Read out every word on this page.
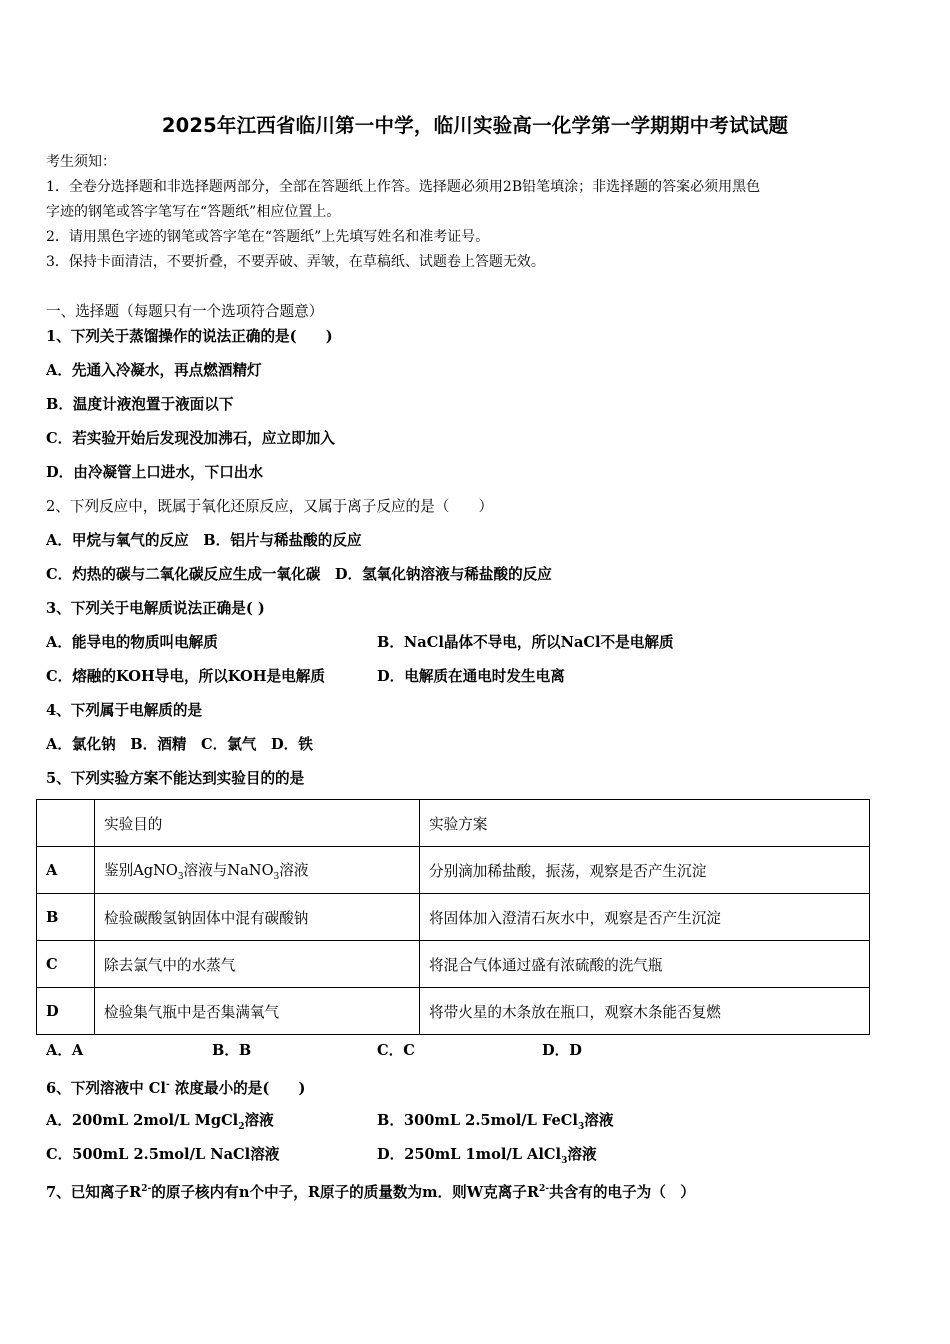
2025年江西省临川第一中学，临川实验高一化学第一学期期中考试试题
考生须知：
1．全卷分选择题和非选择题两部分，全部在答题纸上作答。选择题必须用2B铅笔填涂；非选择题的答案必须用黑色
字迹的钢笔或答字笔写在“答题纸”相应位置上。
2．请用黑色字迹的钢笔或答字笔在“答题纸”上先填写姓名和准考证号。
3．保持卡面清洁，不要折叠，不要弄破、弄皱，在草稿纸、试题卷上答题无效。
一、选择题（每题只有一个选项符合题意）
1、下列关于蒸馏操作的说法正确的是(　　)
A．先通入冷凝水，再点燃酒精灯
B．温度计液泡置于液面以下
C．若实验开始后发现没加沸石，应立即加入
D．由冷凝管上口进水，下口出水
2、下列反应中，既属于氧化还原反应，又属于离子反应的是（　　）
A．甲烷与氧气的反应　B．铝片与稀盐酸的反应
C．灼热的碳与二氧化碳反应生成一氧化碳　D．氢氧化钠溶液与稀盐酸的反应
3、下列关于电解质说法正确是( )
A．能导电的物质叫电解质	B．NaCl晶体不导电，所以NaCl不是电解质
C．熔融的KOH导电，所以KOH是电解质	D．电解质在通电时发生电离
4、下列属于电解质的是
A．氯化钠　B．酒精　C．氯气　D．铁
5、下列实验方案不能达到实验目的的是
	实验目的	实验方案
A	鉴别AgNO$_3$溶液与NaNO$_3$溶液	分别滴加稀盐酸，振荡，观察是否产生沉淀
B	检验碳酸氢钠固体中混有碳酸钠	将固体加入澄清石灰水中，观察是否产生沉淀
C	除去氯气中的水蒸气	将混合气体通过盛有浓硫酸的洗气瓶
D	检验集气瓶中是否集满氧气	将带火星的木条放在瓶口，观察木条能否复燃
A．A	B．B	C．C	D．D
6、下列溶液中 Cl- 浓度最小的是(　　)
A．200mL 2mol/L MgCl$_2$溶液	B．300mL 2.5mol/L FeCl$_3$溶液
C．500mL 2.5mol/L NaCl溶液	D．250mL 1mol/L AlCl$_3$溶液
7、已知离子$R^{2-}$的原子核内有n个中子，R原子的质量数为m．则W克离子$R^{2-}$共含有的电子为（　）
